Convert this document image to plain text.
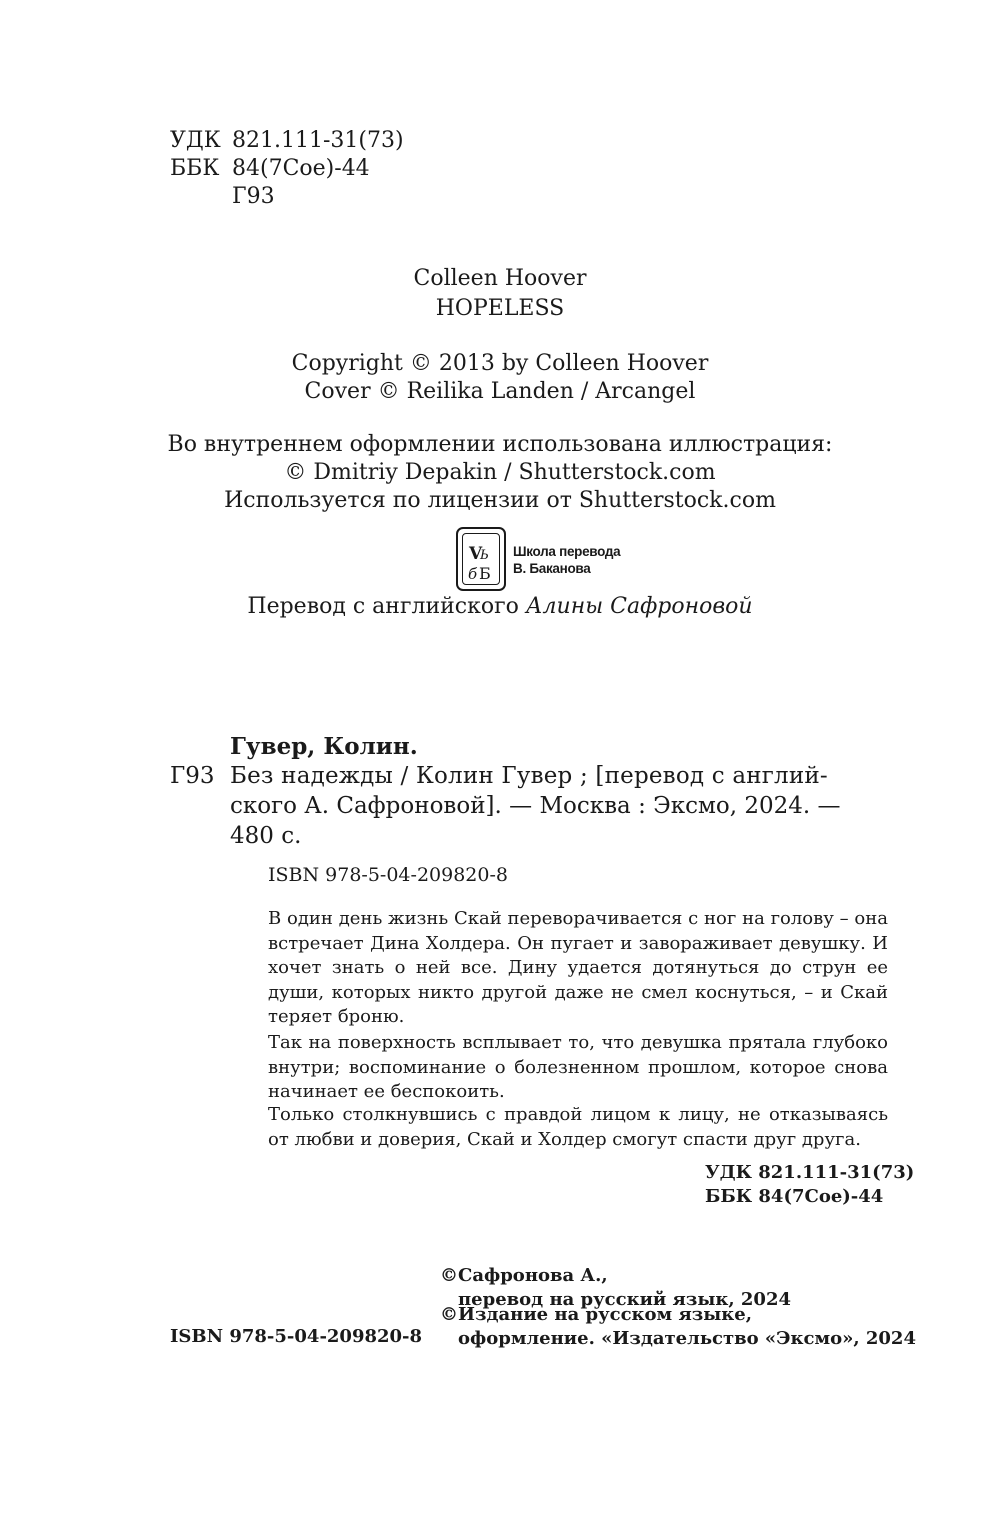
УДК 821.111-31(73)
ББК 84(7Сое)-44
Г93
Colleen Hoover
HOPELESS
Copyright © 2013 by Colleen Hoover
Cover © Reilika Landen / Arcangel
Во внутреннем оформлении использована иллюстрация:
© Dmitriy Depakin / Shutterstock.com
Используется по лицензии от Shutterstock.com
V
Ь
б Б
Школа перевода
В. Баканова
Перевод с английского Алины Сафроновой
Гувер, Колин.
Г93 Без надежды / Колин Гувер ; [перевод с англий-
ского А. Сафроновой]. — Москва : Эксмо, 2024. —
480 с.
ISBN 978-5-04-209820-8
В один день жизнь Скай переворачивается с ног на голову – она встречает Дина Холдера. Он пугает и завораживает девушку. И хочет знать о ней все. Дину удается дотянуться до струн ее души, которых никто другой даже не смел коснуться, – и Скай теряет броню.
Так на поверхность всплывает то, что девушка прятала глубоко внутри; воспоминание о болезненном прошлом, которое снова начинает ее беспокоить.
Только столкнувшись с правдой лицом к лицу, не отказываясь от любви и доверия, Скай и Холдер смогут спасти друг друга.
УДК 821.111-31(73)
ББК 84(7Сое)-44
ISBN 978-5-04-209820-8
©Сафронова А.,
перевод на русский язык, 2024
©Издание на русском языке,
оформление. «Издательство «Эксмо», 2024
